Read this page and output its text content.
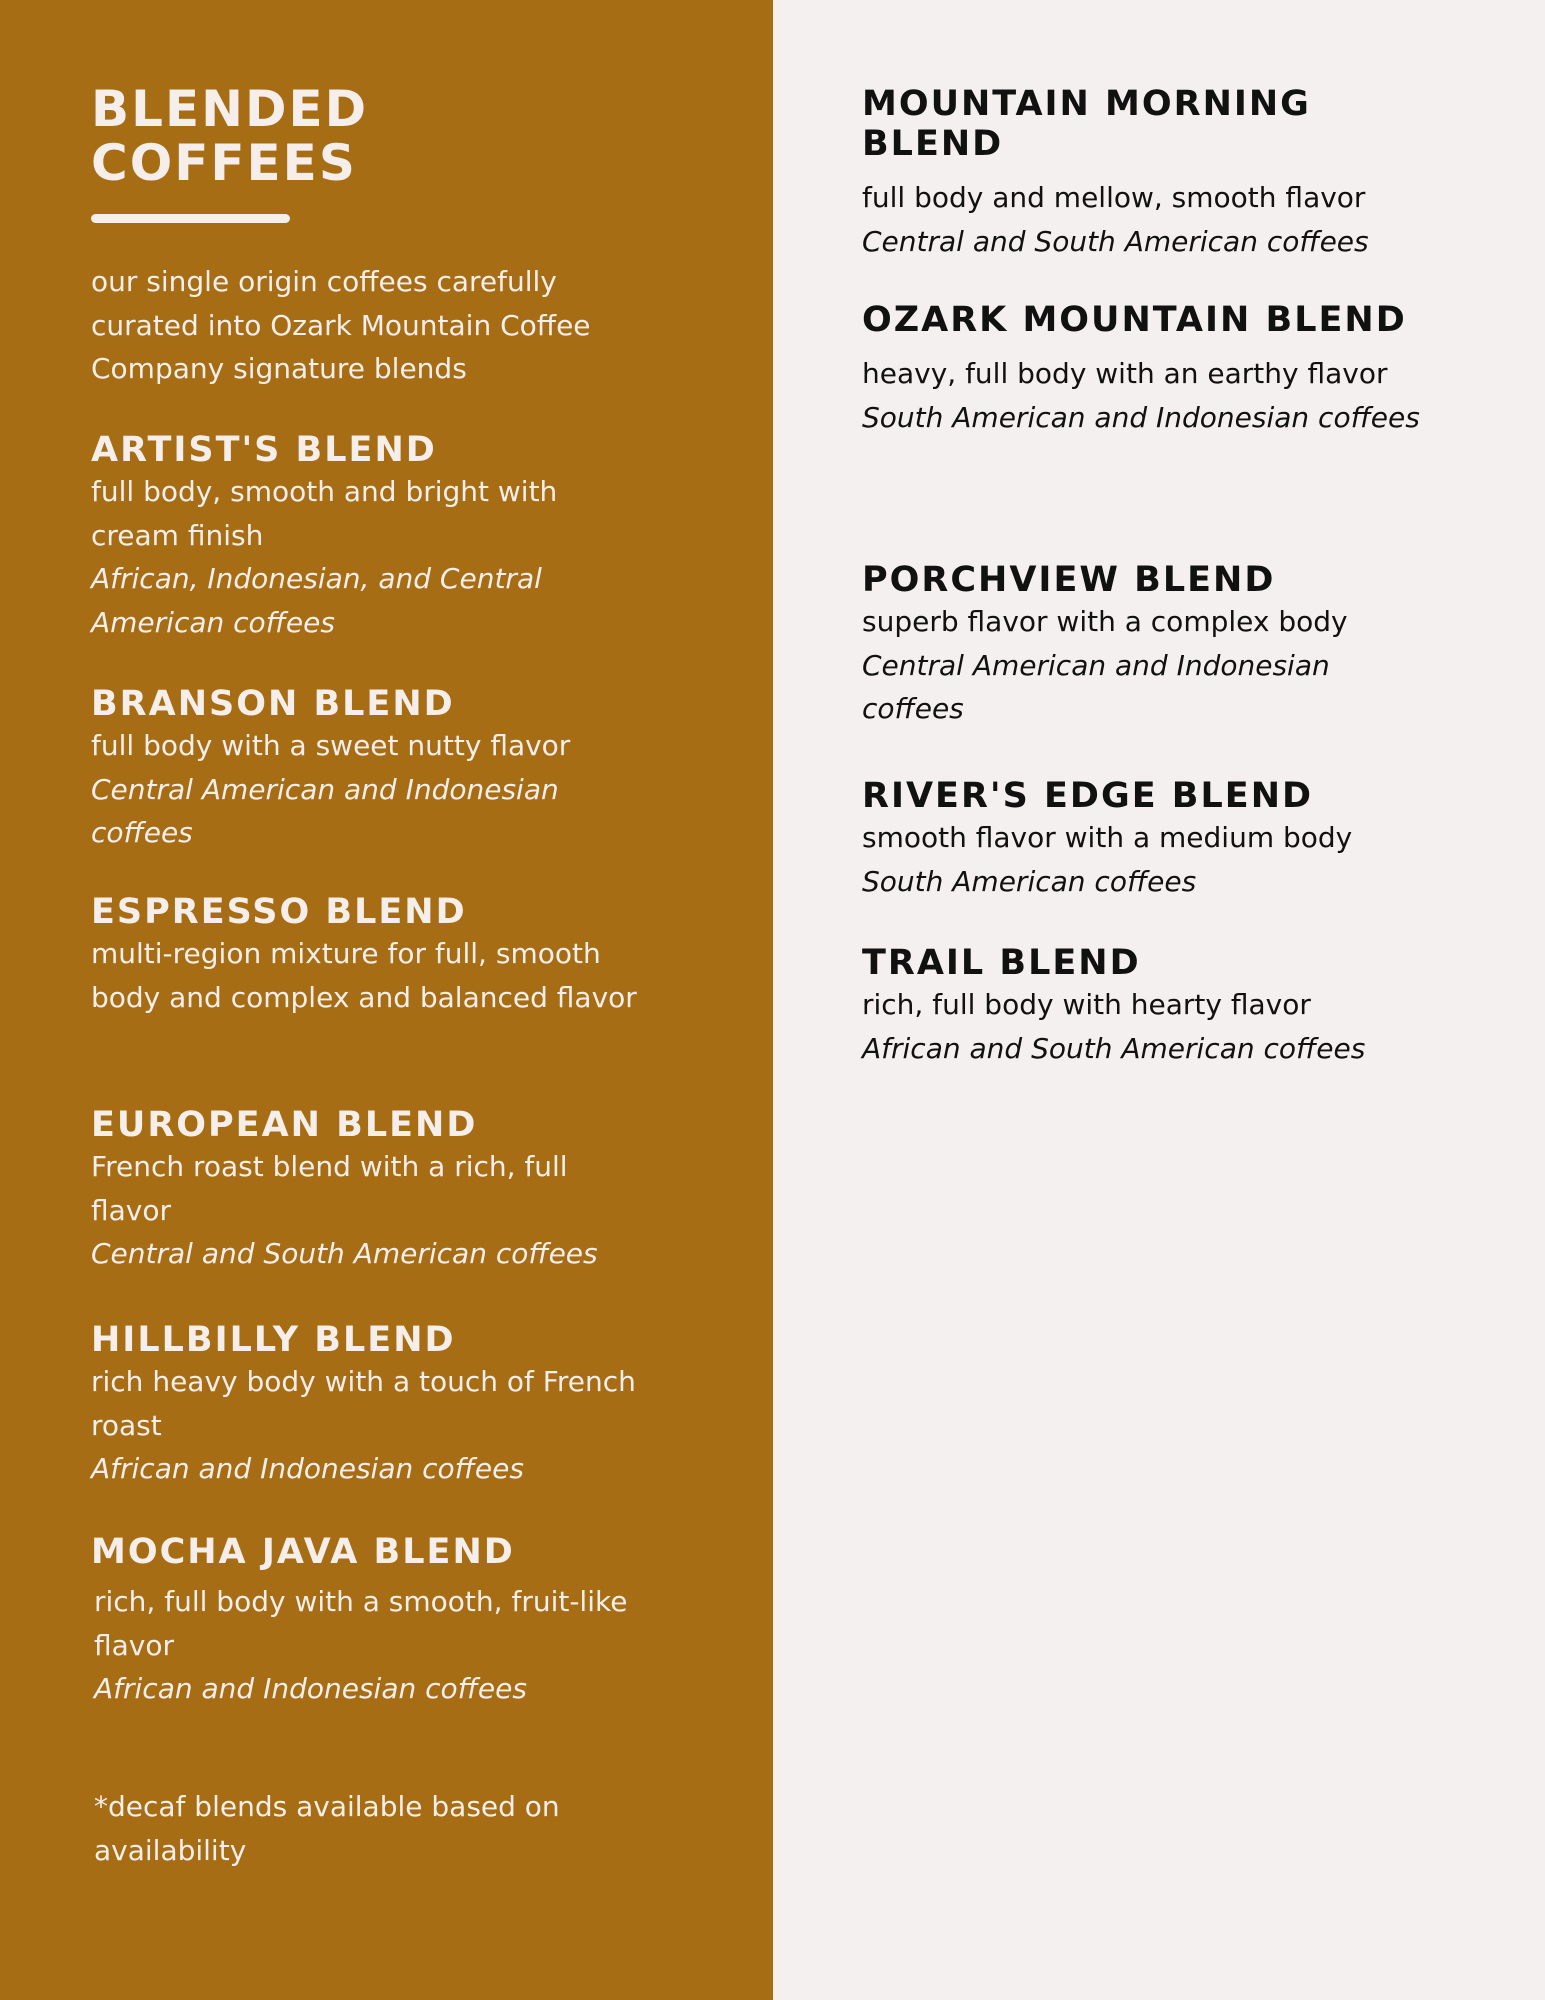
BLENDED COFFEES

our single origin coffees carefully curated into Ozark Mountain Coffee Company signature blends

ARTIST'S BLEND

full body, smooth and bright with cream finish

African, Indonesian, and Central American coffees

BRANSON BLEND

full body with a sweet nutty flavor

Central American and Indonesian coffees

ESPRESSO BLEND

multi-region mixture for full, smooth body and complex and balanced flavor

EUROPEAN BLEND

French roast blend with a rich, full flavor

Central and South American coffees

HILLBILLY BLEND

rich heavy body with a touch of French roast

African and Indonesian coffees

MOCHA JAVA BLEND

rich, full body with a smooth, fruit-like flavor

African and Indonesian coffees

*decaf blends available based on availability

MOUNTAIN MORNING BLEND

full body and mellow, smooth flavor

Central and South American coffees

OZARK MOUNTAIN BLEND

heavy, full body with an earthy flavor

South American and Indonesian coffees

PORCHVIEW BLEND

superb flavor with a complex body

Central American and Indonesian coffees

RIVER'S EDGE BLEND

smooth flavor with a medium body

South American coffees

TRAIL BLEND

rich, full body with hearty flavor

African and South American coffees
